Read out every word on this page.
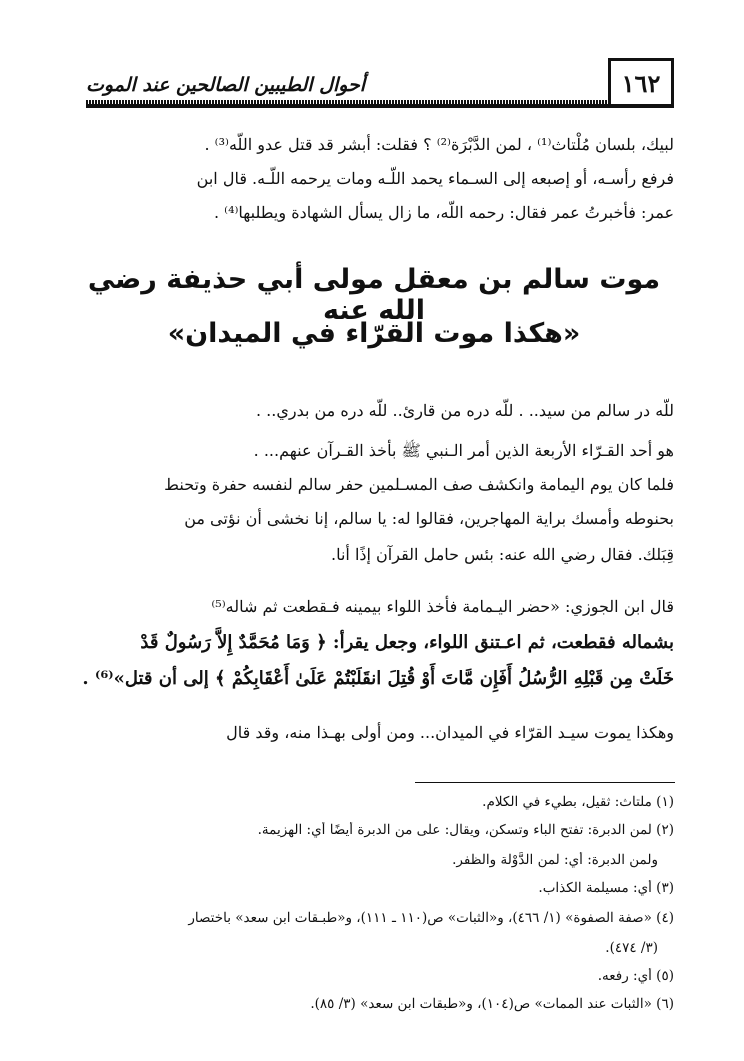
١٦٢
أحوال الطيبين الصالحين عند الموت
لبيك، بلسان مُلْتاث⁽¹⁾ ، لمن الدَّبْرَة⁽²⁾ ؟ فقلت: أبشر قد قتل عدو اللّه⁽³⁾ .
فرفع رأسـه، أو إصبعه إلى السـماء يحمد اللّـه ومات يرحمه اللّـه. قال ابن
عمر: فأخبرتُ عمر فقال: رحمه اللّه، ما زال يسأل الشهادة ويطلبها⁽⁴⁾ .
موت سالم بن معقل مولى أبي حذيفة رضي الله عنه
«هكذا موت القرّاء في الميدان»
للّه در سالم من سيد.. . للّه دره من قارئ.. للّه دره من بدري.. .
هو أحد القـرّاء الأربعة الذين أمر الـنبي ﷺ بأخذ القـرآن عنهم... .
فلما كان يوم اليمامة وانكشف صف المسـلمين حفر سالم لنفسه حفرة وتحنط
بحنوطه وأمسك براية المهاجرين، فقالوا له: يا سالم، إنا نخشى أن نؤتى من
قِبَلك. فقال رضي الله عنه: بئس حامل القرآن إذًا أنا.
قال ابن الجوزي: «حضر اليـمامة فأخذ اللواء بيمينه فـقطعت ثم شاله⁽⁵⁾
بشماله فقطعت، ثم اعـتنق اللواء، وجعل يقرأ: ﴿ وَمَا مُحَمَّدٌ إِلاَّ رَسُولٌ قَدْ
خَلَتْ مِن قَبْلِهِ الرُّسُلُ أَفَإِن مَّاتَ أَوْ قُتِلَ انقَلَبْتُمْ عَلَىٰ أَعْقَابِكُمْ ﴾ إلى أن قتل»⁽⁶⁾ .
وهكذا يموت سيـد القرّاء في الميدان... ومن أولى بهـذا منه، وقد قال
(١) ملتاث: ثقيل، بطيء في الكلام.
(٢) لمن الدبرة: تفتح الباء وتسكن، ويقال: على من الدبرة أيضًا أي: الهزيمة.
ولمن الدبرة: أي: لمن الدَّوْلة والظفر.
(٣) أي: مسيلمة الكذاب.
(٤) «صفة الصفوة» (١/ ٤٦٦)، و«الثبات» ص(١١٠ ـ ١١١)، و«طبـقات ابن سعد» باختصار
(٣/ ٤٧٤).
(٥) أي: رفعه.
(٦) «الثبات عند الممات» ص(١٠٤)، و«طبقات ابن سعد» (٣/ ٨٥).
